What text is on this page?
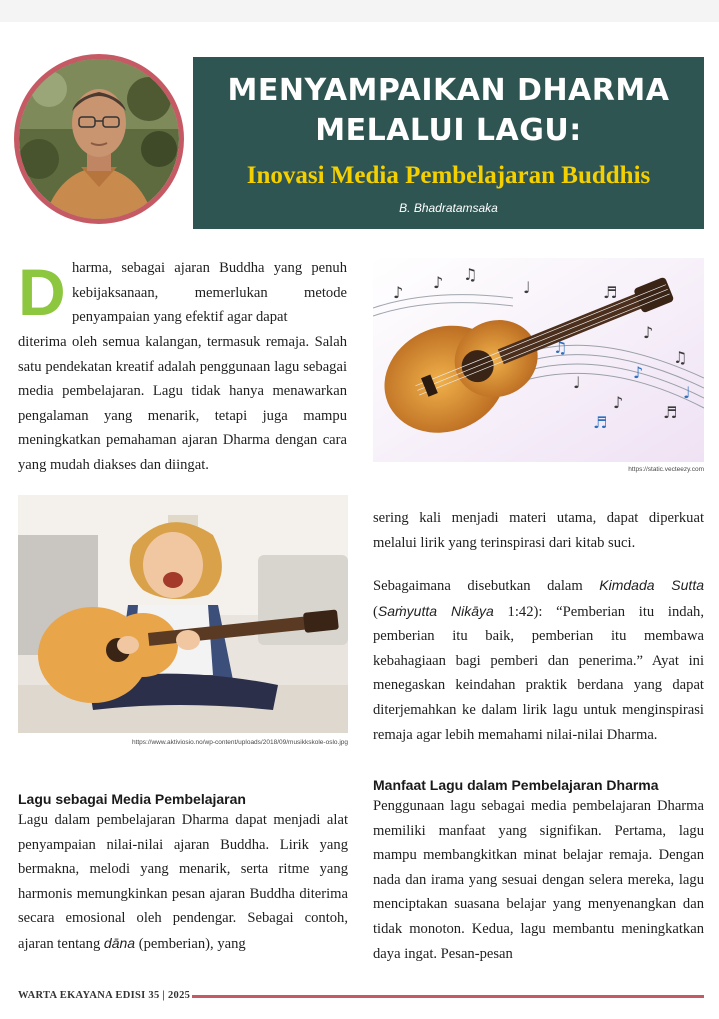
MENYAMPAIKAN DHARMA
MELALUI LAGU:
Inovasi Media Pembelajaran Buddhis
B. Bhadratamsaka
D harma, sebagai ajaran Buddha yang penuh kebijaksanaan, memerlukan metode penyampaian yang efektif agar dapat

diterima oleh semua kalangan, termasuk remaja. Salah satu pendekatan kreatif adalah penggunaan lagu sebagai media pembelajaran. Lagu tidak hanya menawarkan pengalaman yang menarik, tetapi juga mampu meningkatkan pemahaman ajaran Dharma dengan cara yang mudah diakses dan diingat.

♪ ♫
♩	♬
♪
♫
♩
♪
♬
♪
♫
♪
♩
♬
https://static.vecteezy.com
https://www.aktiviosio.no/wp-content/uploads/2018/09/musikkskole-oslo.jpg
Lagu sebagai Media Pembelajaran

Lagu dalam pembelajaran Dharma dapat menjadi alat penyampaian nilai-nilai ajaran Buddha. Lirik yang bermakna, melodi yang menarik, serta ritme yang harmonis memungkinkan pesan ajaran Buddha diterima secara emosional oleh pendengar. Sebagai contoh, ajaran tentang dāna (pemberian), yang

sering kali menjadi materi utama, dapat diperkuat melalui lirik yang terinspirasi dari kitab suci.

Sebagaimana disebutkan dalam Kimdada Sutta (Saṁyutta Nikāya 1:42): “Pemberian itu indah, pemberian itu baik, pemberian itu membawa kebahagiaan bagi pemberi dan penerima.” Ayat ini menegaskan keindahan praktik berdana yang dapat diterjemahkan ke dalam lirik lagu untuk menginspirasi remaja agar lebih memahami nilai-nilai Dharma.

Manfaat Lagu dalam Pembelajaran Dharma

Penggunaan lagu sebagai media pembelajaran Dharma memiliki manfaat yang signifikan. Pertama, lagu mampu membangkitkan minat belajar remaja. Dengan nada dan irama yang sesuai dengan selera mereka, lagu menciptakan suasana belajar yang menyenangkan dan tidak monoton. Kedua, lagu membantu meningkatkan daya ingat. Pesan-pesan

WARTA EKAYANA EDISI 35 | 2025
